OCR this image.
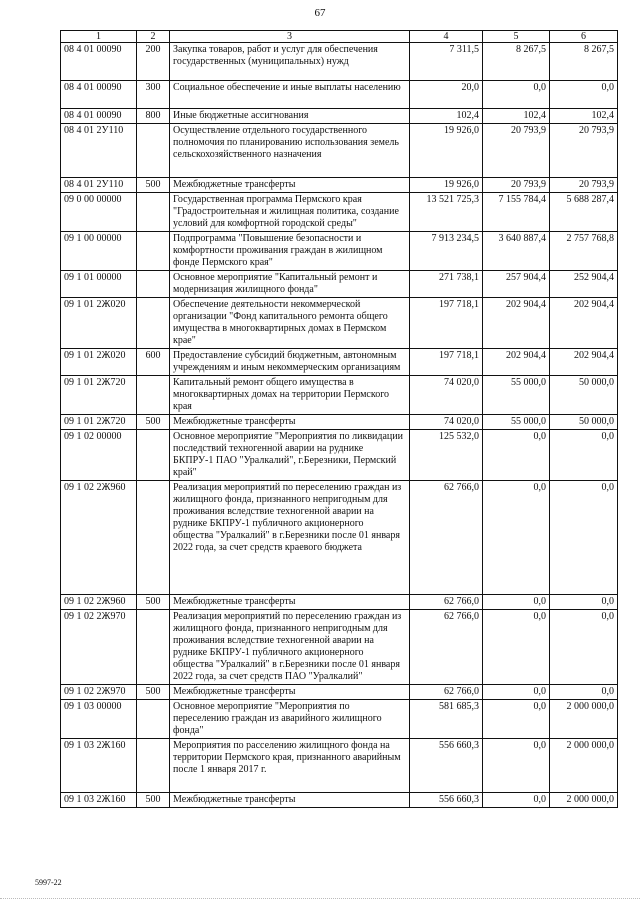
67
1	2	3	4	5	6
08 4 01 00090	200	Закупка товаров, работ и услуг для обеспечения государственных (муниципальных) нужд	7 311,5	8 267,5	8 267,5
08 4 01 00090	300	Социальное обеспечение и иные выплаты населению	20,0	0,0	0,0
08 4 01 00090	800	Иные бюджетные ассигнования	102,4	102,4	102,4
08 4 01 2У110		Осуществление отдельного государственного полномочия по планированию использования земель сельскохозяйственного назначения	19 926,0	20 793,9	20 793,9
08 4 01 2У110	500	Межбюджетные трансферты	19 926,0	20 793,9	20 793,9
09 0 00 00000		Государственная программа Пермского края "Градостроительная и жилищная политика, создание условий для комфортной городской среды"	13 521 725,3	7 155 784,4	5 688 287,4
09 1 00 00000		Подпрограмма "Повышение безопасности и комфортности проживания граждан в жилищном фонде Пермского края"	7 913 234,5	3 640 887,4	2 757 768,8
09 1 01 00000		Основное мероприятие "Капитальный ремонт и модернизация жилищного фонда"	271 738,1	257 904,4	252 904,4
09 1 01 2Ж020		Обеспечение деятельности некоммерческой организации "Фонд капитального ремонта общего имущества в многоквартирных домах в Пермском крае"	197 718,1	202 904,4	202 904,4
09 1 01 2Ж020	600	Предоставление субсидий бюджетным, автономным учреждениям и иным некоммерческим организациям	197 718,1	202 904,4	202 904,4
09 1 01 2Ж720		Капитальный ремонт общего имущества в многоквартирных домах на территории Пермского края	74 020,0	55 000,0	50 000,0
09 1 01 2Ж720	500	Межбюджетные трансферты	74 020,0	55 000,0	50 000,0
09 1 02 00000		Основное мероприятие "Мероприятия по ликвидации последствий техногенной аварии на руднике БКПРУ-1 ПАО "Уралкалий", г.Березники, Пермский край"	125 532,0	0,0	0,0
09 1 02 2Ж960		Реализация мероприятий по переселению граждан из жилищного фонда, признанного непригодным для проживания вследствие техногенной аварии на руднике БКПРУ-1 публичного акционерного общества "Уралкалий" в г.Березники после 01 января 2022 года, за счет средств краевого бюджета	62 766,0	0,0	0,0
09 1 02 2Ж960	500	Межбюджетные трансферты	62 766,0	0,0	0,0
09 1 02 2Ж970		Реализация мероприятий по переселению граждан из жилищного фонда, признанного непригодным для проживания вследствие техногенной аварии на руднике БКПРУ-1 публичного акционерного общества "Уралкалий" в г.Березники после 01 января 2022 года, за счет средств ПАО "Уралкалий"	62 766,0	0,0	0,0
09 1 02 2Ж970	500	Межбюджетные трансферты	62 766,0	0,0	0,0
09 1 03 00000		Основное мероприятие "Мероприятия по переселению граждан из аварийного жилищного фонда"	581 685,3	0,0	2 000 000,0
09 1 03 2Ж160		Мероприятия по расселению жилищного фонда на территории Пермского края, признанного аварийным после 1 января 2017 г.	556 660,3	0,0	2 000 000,0
09 1 03 2Ж160	500	Межбюджетные трансферты	556 660,3	0,0	2 000 000,0
5997-22
